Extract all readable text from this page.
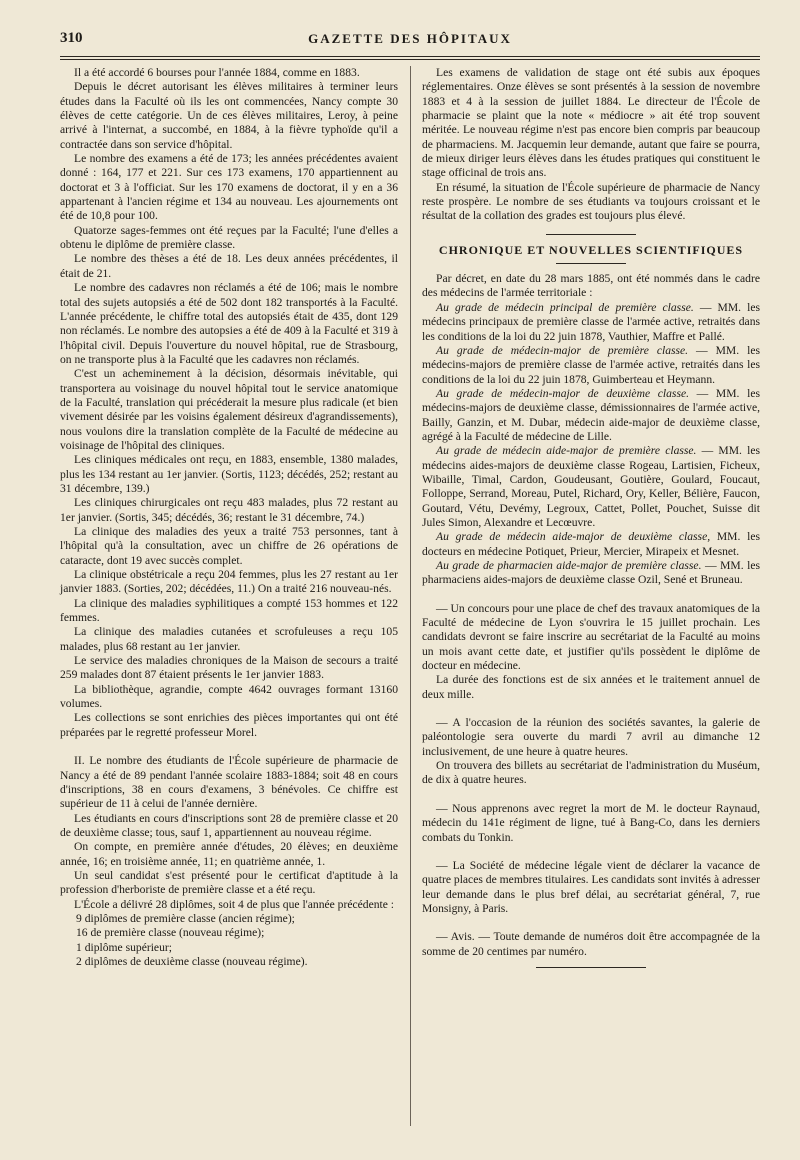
310	GAZETTE DES HÔPITAUX

Il a été accordé 6 bourses pour l'année 1884, comme en 1883.

Depuis le décret autorisant les élèves militaires à terminer leurs études dans la Faculté où ils les ont commencées, Nancy compte 30 élèves de cette catégorie. Un de ces élèves militaires, Leroy, à peine arrivé à l'internat, a succombé, en 1884, à la fièvre typhoïde qu'il a contractée dans son service d'hôpital.

Le nombre des examens a été de 173; les années précédentes avaient donné : 164, 177 et 221. Sur ces 173 examens, 170 appartiennent au doctorat et 3 à l'officiat. Sur les 170 examens de doctorat, il y en a 36 appartenant à l'ancien régime et 134 au nouveau. Les ajournements ont été de 10,8 pour 100.

Quatorze sages-femmes ont été reçues par la Faculté; l'une d'elles a obtenu le diplôme de première classe.

Le nombre des thèses a été de 18. Les deux années précédentes, il était de 21.

Le nombre des cadavres non réclamés a été de 106; mais le nombre total des sujets autopsiés a été de 502 dont 182 transportés à la Faculté. L'année précédente, le chiffre total des autopsiés était de 435, dont 129 non réclamés. Le nombre des autopsies a été de 409 à la Faculté et 319 à l'hôpital civil. Depuis l'ouverture du nouvel hôpital, rue de Strasbourg, on ne transporte plus à la Faculté que les cadavres non réclamés.

C'est un acheminement à la décision, désormais inévitable, qui transportera au voisinage du nouvel hôpital tout le service anatomique de la Faculté, translation qui précéderait la mesure plus radicale (et bien vivement désirée par les voisins également désireux d'agrandissements), nous voulons dire la translation complète de la Faculté de médecine au voisinage de l'hôpital des cliniques.

Les cliniques médicales ont reçu, en 1883, ensemble, 1380 malades, plus les 134 restant au 1er janvier. (Sortis, 1123; décédés, 252; restant au 31 décembre, 139.)

Les cliniques chirurgicales ont reçu 483 malades, plus 72 restant au 1er janvier. (Sortis, 345; décédés, 36; restant le 31 décembre, 74.)

La clinique des maladies des yeux a traité 753 personnes, tant à l'hôpital qu'à la consultation, avec un chiffre de 26 opérations de cataracte, dont 19 avec succès complet.

La clinique obstétricale a reçu 204 femmes, plus les 27 restant au 1er janvier 1883. (Sorties, 202; décédées, 11.) On a traité 216 nouveau-nés.

La clinique des maladies syphilitiques a compté 153 hommes et 122 femmes.

La clinique des maladies cutanées et scrofuleuses a reçu 105 malades, plus 68 restant au 1er janvier.

Le service des maladies chroniques de la Maison de secours a traité 259 malades dont 87 étaient présents le 1er janvier 1883.

La bibliothèque, agrandie, compte 4642 ouvrages formant 13160 volumes.

Les collections se sont enrichies des pièces importantes qui ont été préparées par le regretté professeur Morel.

II. Le nombre des étudiants de l'École supérieure de pharmacie de Nancy a été de 89 pendant l'année scolaire 1883-1884; soit 48 en cours d'inscriptions, 38 en cours d'examens, 3 bénévoles. Ce chiffre est supérieur de 11 à celui de l'année dernière.

Les étudiants en cours d'inscriptions sont 28 de première classe et 20 de deuxième classe; tous, sauf 1, appartiennent au nouveau régime.

On compte, en première année d'études, 20 élèves; en deuxième année, 16; en troisième année, 11; en quatrième année, 1.

Un seul candidat s'est présenté pour le certificat d'aptitude à la profession d'herboriste de première classe et a été reçu.

L'École a délivré 28 diplômes, soit 4 de plus que l'année précédente :

9 diplômes de première classe (ancien régime);

16 de première classe (nouveau régime);

1 diplôme supérieur;

2 diplômes de deuxième classe (nouveau régime).

Les examens de validation de stage ont été subis aux époques réglementaires. Onze élèves se sont présentés à la session de novembre 1883 et 4 à la session de juillet 1884. Le directeur de l'École de pharmacie se plaint que la note « médiocre » ait été trop souvent méritée. Le nouveau régime n'est pas encore bien compris par beaucoup de pharmaciens. M. Jacquemin leur demande, autant que faire se pourra, de mieux diriger leurs élèves dans les études pratiques qui constituent le stage officinal de trois ans.

En résumé, la situation de l'École supérieure de pharmacie de Nancy reste prospère. Le nombre de ses étudiants va toujours croissant et le résultat de la collation des grades est toujours plus élevé.

CHRONIQUE ET NOUVELLES SCIENTIFIQUES

Par décret, en date du 28 mars 1885, ont été nommés dans le cadre des médecins de l'armée territoriale :

Au grade de médecin principal de première classe. — MM. les médecins principaux de première classe de l'armée active, retraités dans les conditions de la loi du 22 juin 1878, Vauthier, Maffre et Pallé.

Au grade de médecin-major de première classe. — MM. les médecins-majors de première classe de l'armée active, retraités dans les conditions de la loi du 22 juin 1878, Guimberteau et Heymann.

Au grade de médecin-major de deuxième classe. — MM. les médecins-majors de deuxième classe, démissionnaires de l'armée active, Bailly, Ganzin, et M. Dubar, médecin aide-major de deuxième classe, agrégé à la Faculté de médecine de Lille.

Au grade de médecin aide-major de première classe. — MM. les médecins aides-majors de deuxième classe Rogeau, Lartisien, Ficheux, Wibaille, Timal, Cardon, Goudeusant, Goutière, Goulard, Foucaut, Folloppe, Serrand, Moreau, Putel, Richard, Ory, Keller, Bélière, Faucon, Goutard, Vétu, Devémy, Legroux, Cattet, Pollet, Pouchet, Suisse dit Jules Simon, Alexandre et Lecœuvre.

Au grade de médecin aide-major de deuxième classe, MM. les docteurs en médecine Potiquet, Prieur, Mercier, Mirapeix et Mesnet.

Au grade de pharmacien aide-major de première classe. — MM. les pharmaciens aides-majors de deuxième classe Ozil, Sené et Bruneau.

— Un concours pour une place de chef des travaux anatomiques de la Faculté de médecine de Lyon s'ouvrira le 15 juillet prochain. Les candidats devront se faire inscrire au secrétariat de la Faculté au moins un mois avant cette date, et justifier qu'ils possèdent le diplôme de docteur en médecine.

La durée des fonctions est de six années et le traitement annuel de deux mille.

— A l'occasion de la réunion des sociétés savantes, la galerie de paléontologie sera ouverte du mardi 7 avril au dimanche 12 inclusivement, de une heure à quatre heures.

On trouvera des billets au secrétariat de l'administration du Muséum, de dix à quatre heures.

— Nous apprenons avec regret la mort de M. le docteur Raynaud, médecin du 141e régiment de ligne, tué à Bang-Co, dans les derniers combats du Tonkin.

— La Société de médecine légale vient de déclarer la vacance de quatre places de membres titulaires. Les candidats sont invités à adresser leur demande dans le plus bref délai, au secrétariat général, 7, rue Monsigny, à Paris.

— Avis. — Toute demande de numéros doit être accompagnée de la somme de 20 centimes par numéro.
